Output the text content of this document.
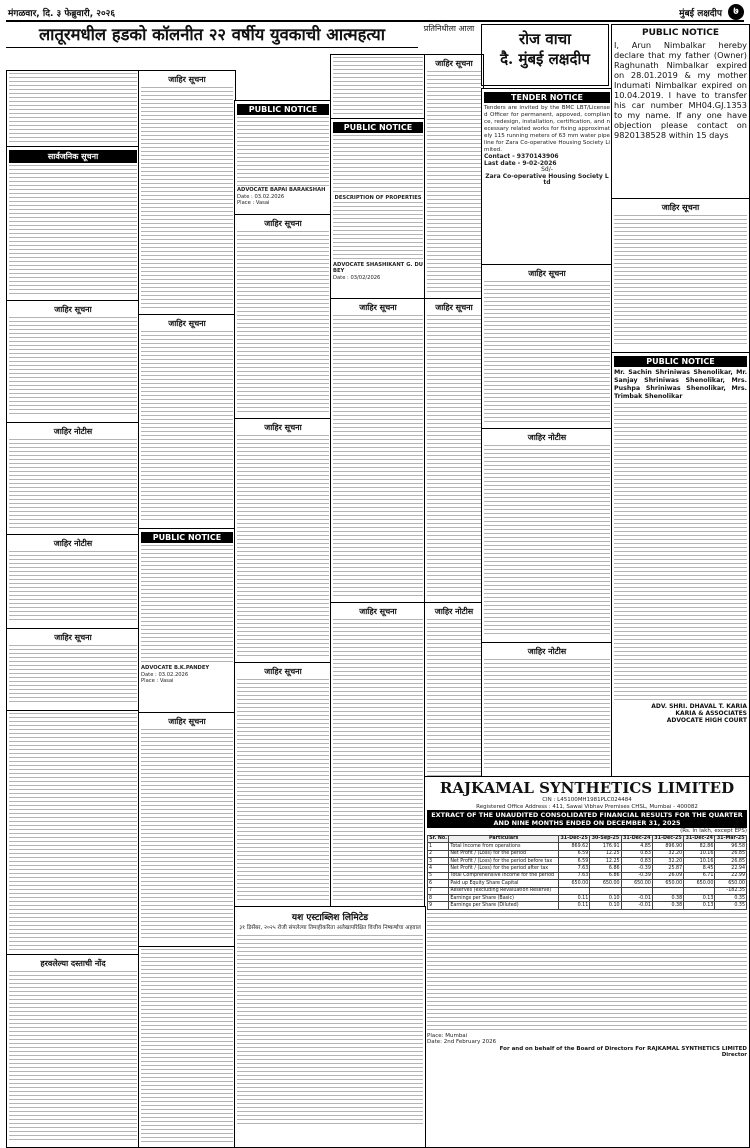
मंगळवार, दि. ३ फेब्रुवारी, २०२६	मुंबई लक्षदीप	७
लातूरमधील हडको कॉलनीत २२ वर्षीय युवकाची आत्महत्या	प्रतिनिधीला आला
सार्वजनिक सूचना
जाहिर सूचना
जाहिर नोटीस
जाहिर नोटीस
जाहिर सूचना
हरवलेल्या दस्ताची नोंद
जाहिर सूचना
जाहिर सूचना
PUBLIC NOTICE
ADVOCATE B.K.PANDEY
Date : 03.02.2026
Place : Vasai
जाहिर सूचना
PUBLIC NOTICE
ADVOCATE BAPAI BARAKSHAH
Date : 03.02.2026
Place : Vasai
जाहिर सूचना
जाहिर सूचना
जाहिर सूचना
PUBLIC NOTICE
DESCRIPTION OF PROPERTIES
ADVOCATE SHASHIKANT G. DUBEY
Date : 03/02/2026
जाहिर सूचना
जाहिर सूचना
जाहिर सूचना
जाहिर सूचना
जाहिर नोटीस
रोज वाचा
दै. मुंबई लक्षदीप
TENDER NOTICE
Tenders are invited by the BMC LBT/Licensed Officer for permanent, appoved, compliance, redesign, installation, certification, and necessary related works for fixing approximately 115 running meters of 63 mm water pipeline for Zara Co-operative Housing Society Limited.
Contact - 9370143906
Last date - 9-02-2026
Sd/-
Zara Co-operative Housing Society Ltd
जाहिर सूचना
जाहिर नोटीस
जाहिर नोटीस
PUBLIC NOTICE
I, Arun Nimbalkar hereby declare that my father (Owner) Raghunath Nimbalkar expired on 28.01.2019 & my mother Indumati Nimbalkar expired on 10.04.2019. I have to transfer his car number MH04.GJ.1353 to my name. If any one have objection please contact on 9820138528 within 15 days
जाहिर सूचना
PUBLIC NOTICE
Mr. Sachin Shriniwas Shenolikar, Mr. Sanjay Shriniwas Shenolikar, Mrs. Pushpa Shriniwas Shenolikar, Mrs. Trimbak Shenolikar
ADV. SHRI. DHAVAL T. KARIA
KARIA & ASSOCIATES
ADVOCATE HIGH COURT
RAJKAMAL SYNTHETICS LIMITED
CIN : L45100MH1981PLC024484
Registered Office Address : 411, Sawai Vibhav Premises CHSL, Mumbai - 400082
EXTRACT OF THE UNAUDITED CONSOLIDATED FINANCIAL RESULTS FOR THE QUARTER AND NINE MONTHS ENDED ON DECEMBER 31, 2025
(Rs. In lakh, except EPS)
Sr. No.	Particulars	31-Dec-25	30-Sep-25	31-Dec-24	31-Dec-25	31-Dec-24	31-Mar-25
1	Total Income from operations	869.62	176.91	4.85	896.90	82.86	96.58
2	Net Profit / (Loss) for the period	6.59	12.25	0.83	32.20	10.16	26.85
3	Net Profit / (Loss) for the period before tax	6.59	12.25	0.83	32.20	10.16	26.85
4	Net Profit / (Loss) for the period after tax	7.63	6.86	-0.39	25.87	8.45	22.94
5	Total Comprehensive Income for the period	7.63	6.86	-0.39	26.09	6.71	22.99
6	Paid up Equity Share Capital	650.00	650.00	650.00	650.00	650.00	650.00
7	Reserves (excluding Revaluation Reserve)						-182.35
8	Earnings per Share (Basic)	0.11	0.10	-0.01	0.38	0.13	0.35
9	Earnings per Share (Diluted)	0.11	0.10	-0.01	0.38	0.13	0.35
Place: Mumbai
Date: 2nd February 2026
For and on behalf of the Board of Directors For RAJKAMAL SYNTHETICS LIMITED
Director
यश एस्टाब्लिश लिमिटेड
३१ डिसेंबर, २०२५ रोजी संपलेल्या तिमाहीकरिता अलेखापरिक्षित वित्तीय निष्कर्षाचा अहवाल
